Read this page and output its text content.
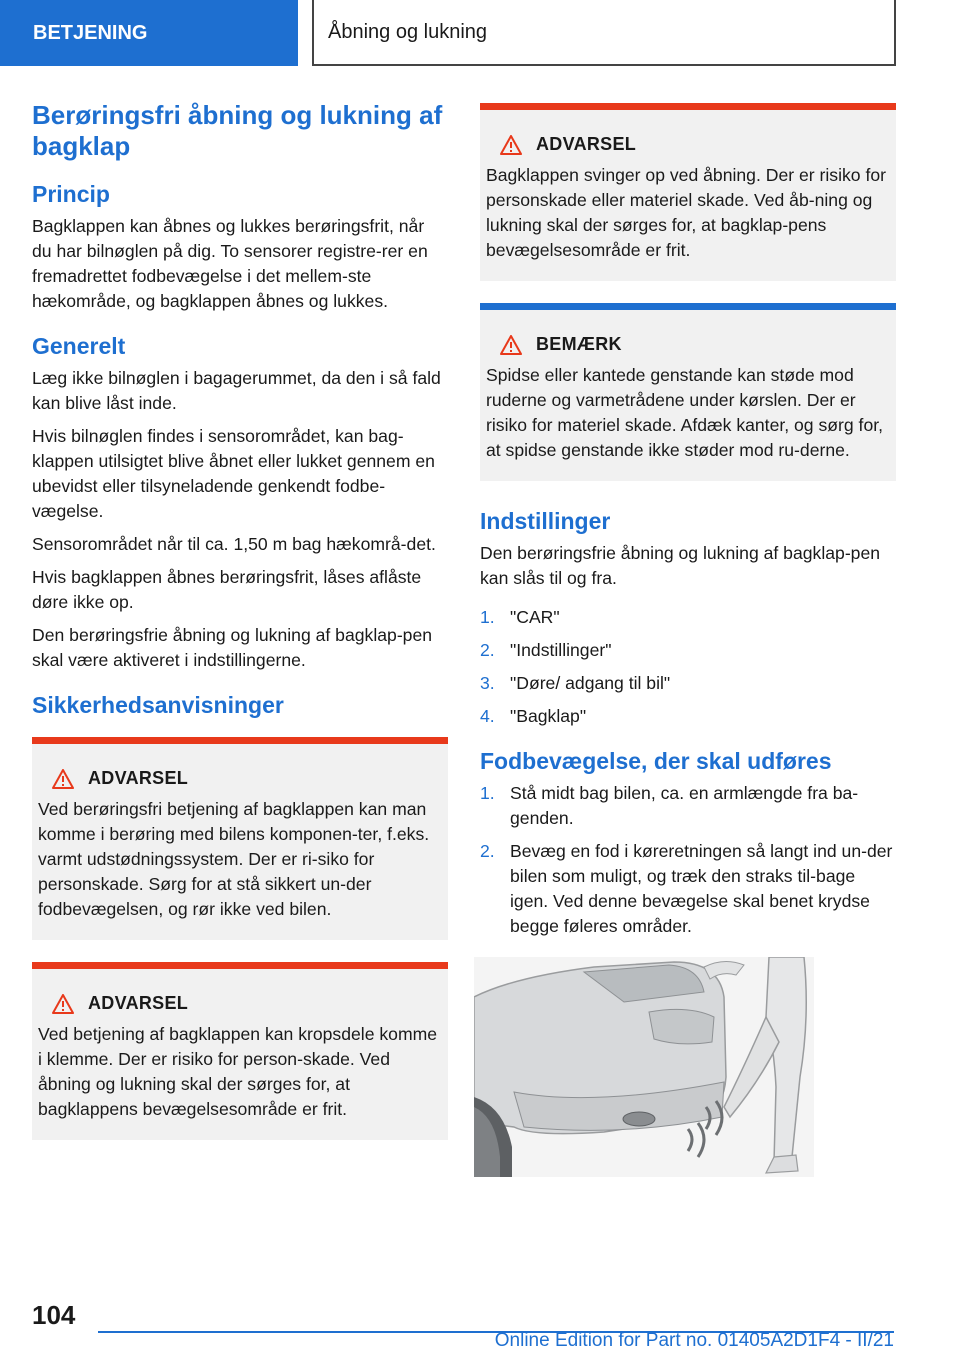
BETJENING	Åbning og lukning
Berøringsfri åbning og lukning af bagklap
Princip

Bagklappen kan åbnes og lukkes berøringsfrit, når du har bilnøglen på dig. To sensorer registre-rer en fremadrettet fodbevægelse i det mellem-ste hækområde, og bagklappen åbnes og lukkes.

Generelt

Læg ikke bilnøglen i bagagerummet, da den i så fald kan blive låst inde.

Hvis bilnøglen findes i sensorområdet, kan bag-klappen utilsigtet blive åbnet eller lukket gennem en ubevidst eller tilsyneladende genkendt fodbe-vægelse.

Sensorområdet når til ca. 1,50 m bag hækområ-det.

Hvis bagklappen åbnes berøringsfrit, låses aflåste døre ikke op.

Den berøringsfrie åbning og lukning af bagklap-pen skal være aktiveret i indstillingerne.

Sikkerhedsanvisninger
ADVARSEL

Ved berøringsfri betjening af bagklappen kan man komme i berøring med bilens komponen-ter, f.eks. varmt udstødningssystem. Der er ri-siko for personskade. Sørg for at stå sikkert un-der fodbevægelsen, og rør ikke ved bilen.

ADVARSEL

Ved betjening af bagklappen kan kropsdele komme i klemme. Der er risiko for person-skade. Ved åbning og lukning skal der sørges for, at bagklappens bevægelsesområde er frit.

ADVARSEL

Bagklappen svinger op ved åbning. Der er risiko for personskade eller materiel skade. Ved åb-ning og lukning skal der sørges for, at bagklap-pens bevægelsesområde er frit.

BEMÆRK

Spidse eller kantede genstande kan støde mod ruderne og varmetrådene under kørslen. Der er risiko for materiel skade. Afdæk kanter, og sørg for, at spidse genstande ikke støder mod ru-derne.

Indstillinger

Den berøringsfrie åbning og lukning af bagklap-pen kan slås til og fra.

1. "CAR"
2. "Indstillinger"
3. "Døre/ adgang til bil"
4. "Bagklap"
Fodbevægelse, der skal udføres
1. Stå midt bag bilen, ca. en armlængde fra ba-genden.
2. Bevæg en fod i køreretningen så langt ind un-der bilen som muligt, og træk den straks til-bage igen. Ved denne bevægelse skal benet krydse begge føleres områder.
104
Online Edition for Part no. 01405A2D1F4 - II/21
